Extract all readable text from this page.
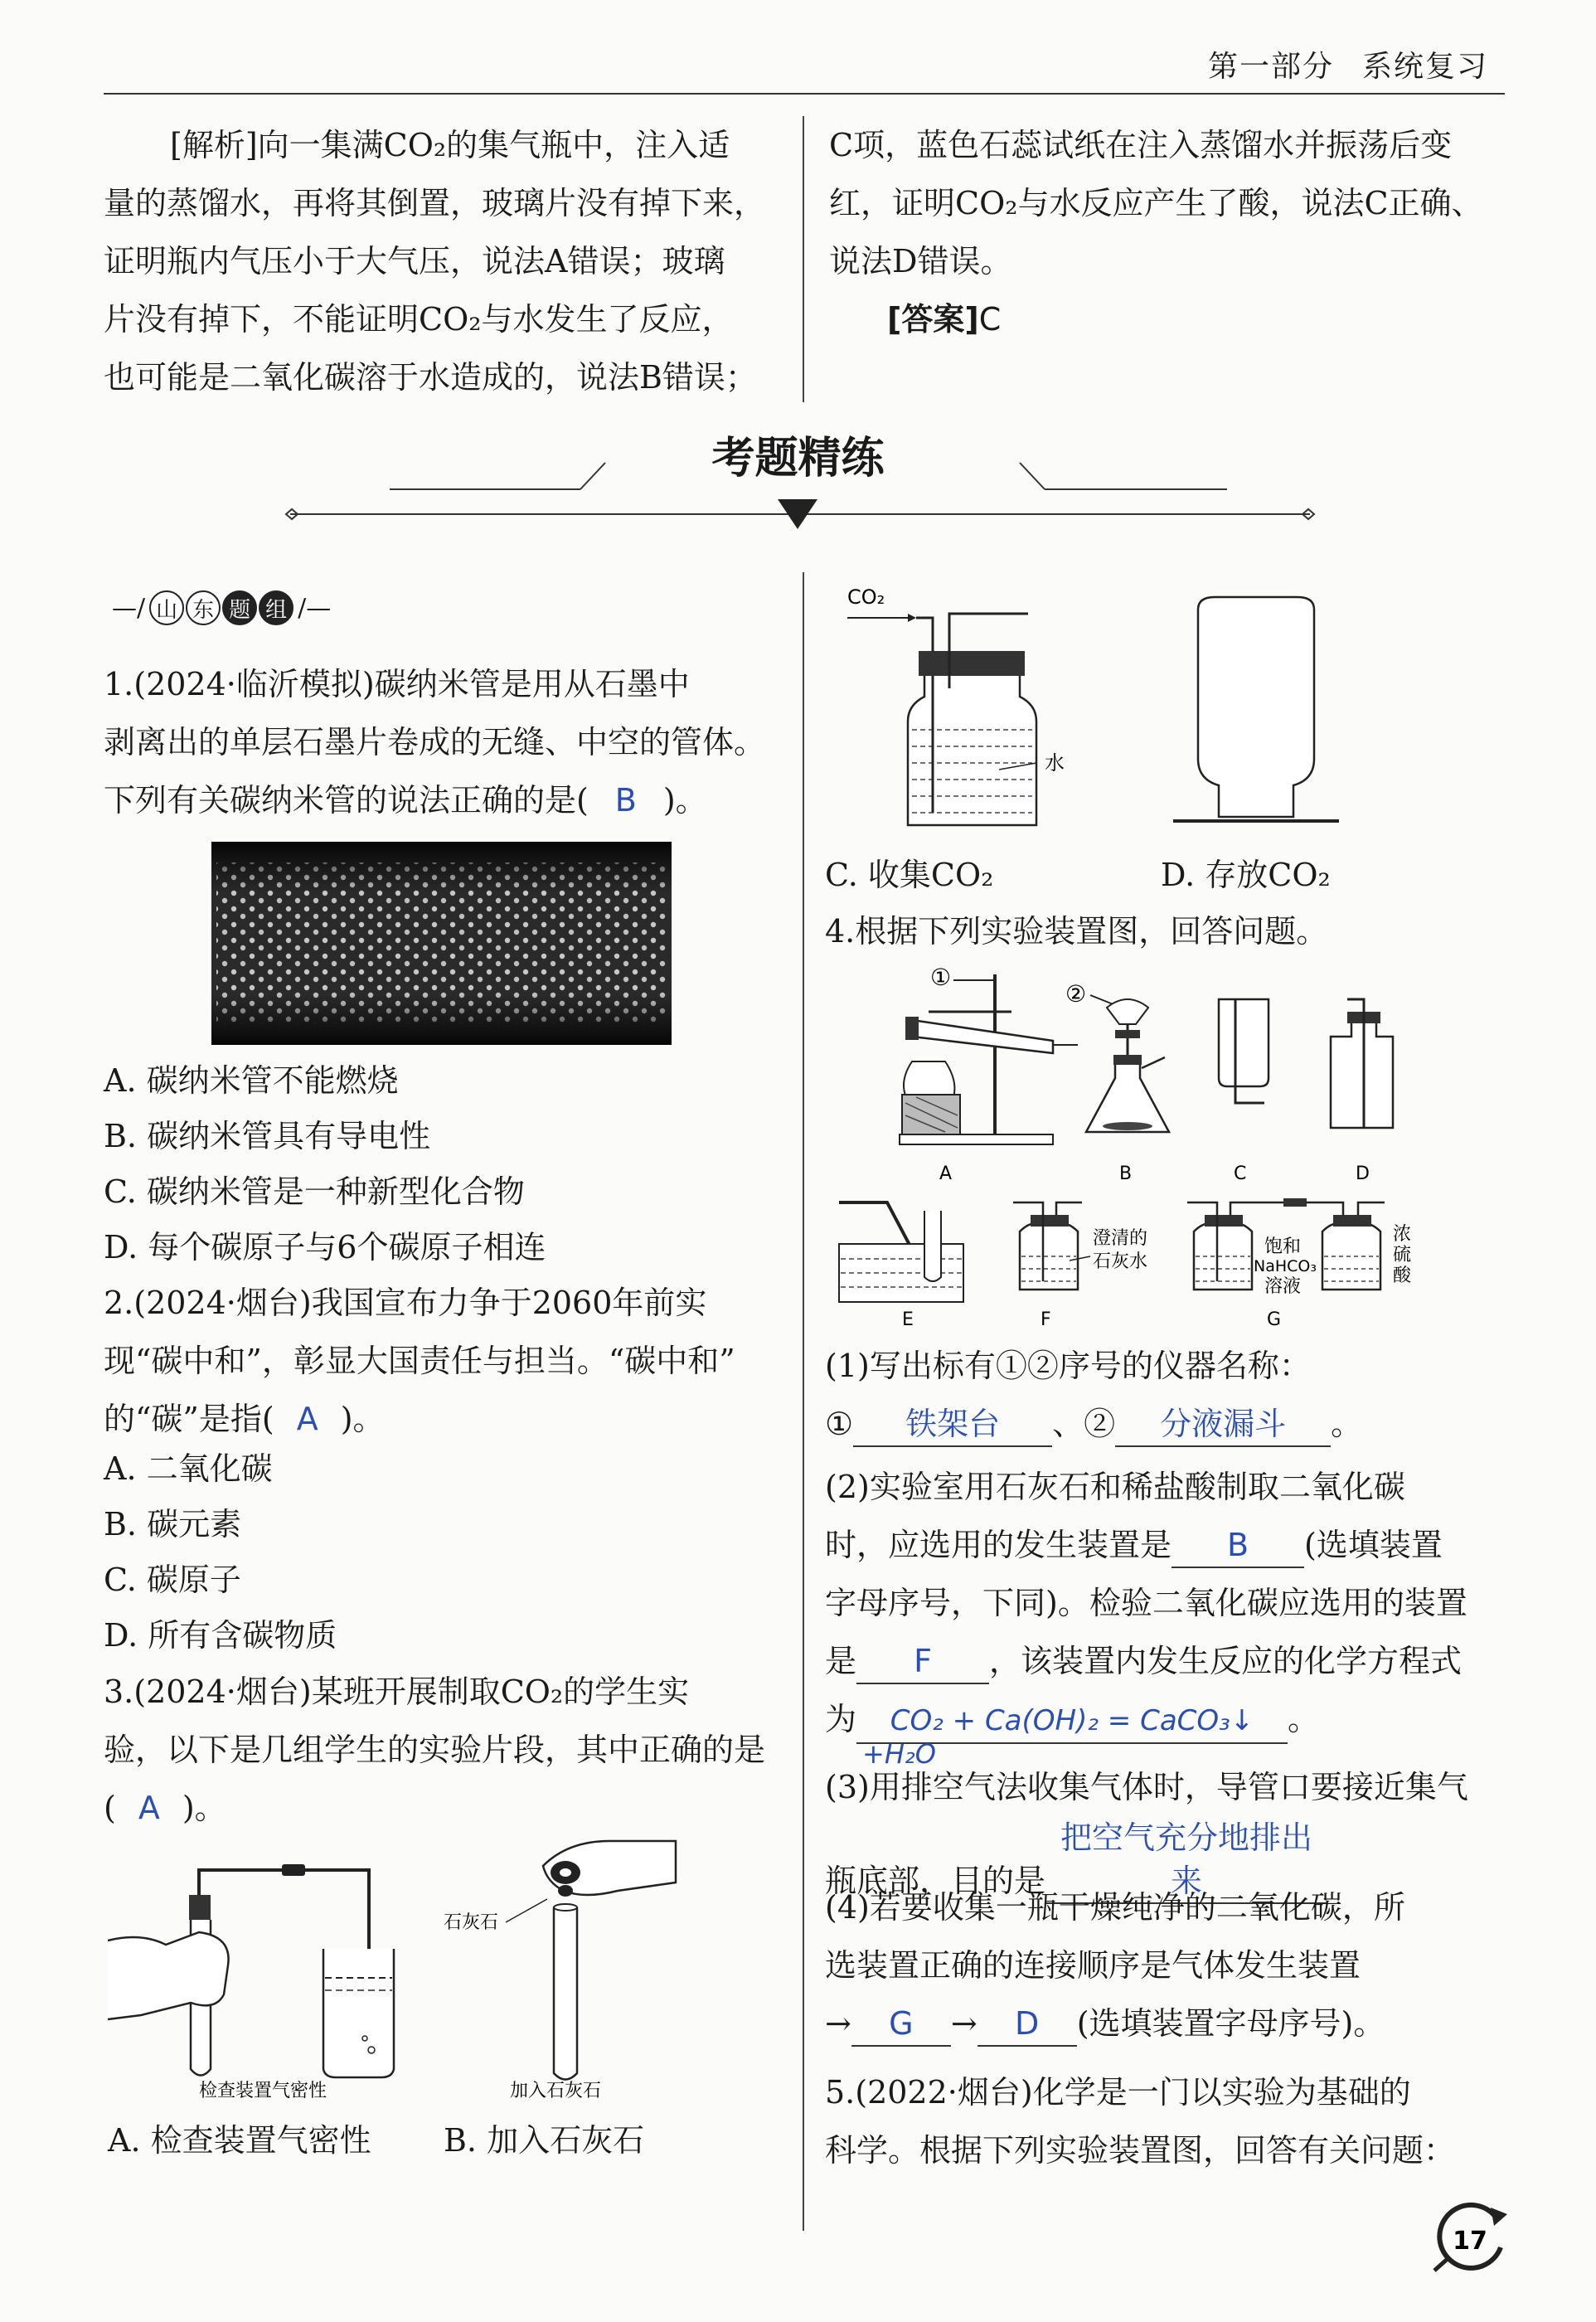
第一部分 系统复习
[解析]向一集满CO₂的集气瓶中，注入适
量的蒸馏水，再将其倒置，玻璃片没有掉下来，
证明瓶内气压小于大气压，说法A错误；玻璃
片没有掉下，不能证明CO₂与水发生了反应，
也可能是二氧化碳溶于水造成的，说法B错误；
C项，蓝色石蕊试纸在注入蒸馏水并振荡后变
红，证明CO₂与水反应产生了酸，说法C正确、
说法D错误。
[答案]C
考题精练
— ∕ 山 东 题 组 ∕ —
1.(2024·临沂模拟)碳纳米管是用从石墨中
剥离出的单层石墨片卷成的无缝、中空的管体。
下列有关碳纳米管的说法正确的是( B )。
A. 碳纳米管不能燃烧
B. 碳纳米管具有导电性
C. 碳纳米管是一种新型化合物
D. 每个碳原子与6个碳原子相连
2.(2024·烟台)我国宣布力争于2060年前实
现“碳中和”，彰显大国责任与担当。“碳中和”
的“碳”是指( A )。
A. 二氧化碳
B. 碳元素
C. 碳原子
D. 所有含碳物质
3.(2024·烟台)某班开展制取CO₂的学生实
验，以下是几组学生的实验片段，其中正确的是
( A )。
检查装置气密性
石灰石
加入石灰石
A. 检查装置气密性 B. 加入石灰石
CO₂
水
C. 收集CO₂	D. 存放CO₂
4.根据下列实验装置图，回答问题。
①
A
②
B	C	D
E
澄清的
石灰水
F
饱和
NaHCO₃
溶液
浓
硫
酸
G
(1)写出标有①②序号的仪器名称：
① 铁架台 、② 分液漏斗 。
(2)实验室用石灰石和稀盐酸制取二氧化碳
时，应选用的发生装置是 B (选填装置
字母序号，下同)。检验二氧化碳应选用的装置
是 F ，该装置内发生反应的化学方程式
为 CO₂ + Ca(OH)₂ = CaCO₃↓ 。
+H₂O
(3)用排空气法收集气体时，导管口要接近集气
瓶底部，目的是把空气充分地排出来
(4)若要收集一瓶干燥纯净的二氧化碳，所
选装置正确的连接顺序是气体发生装置
→ G → D (选填装置字母序号)。
5.(2022·烟台)化学是一门以实验为基础的
科学。根据下列实验装置图，回答有关问题：
17
